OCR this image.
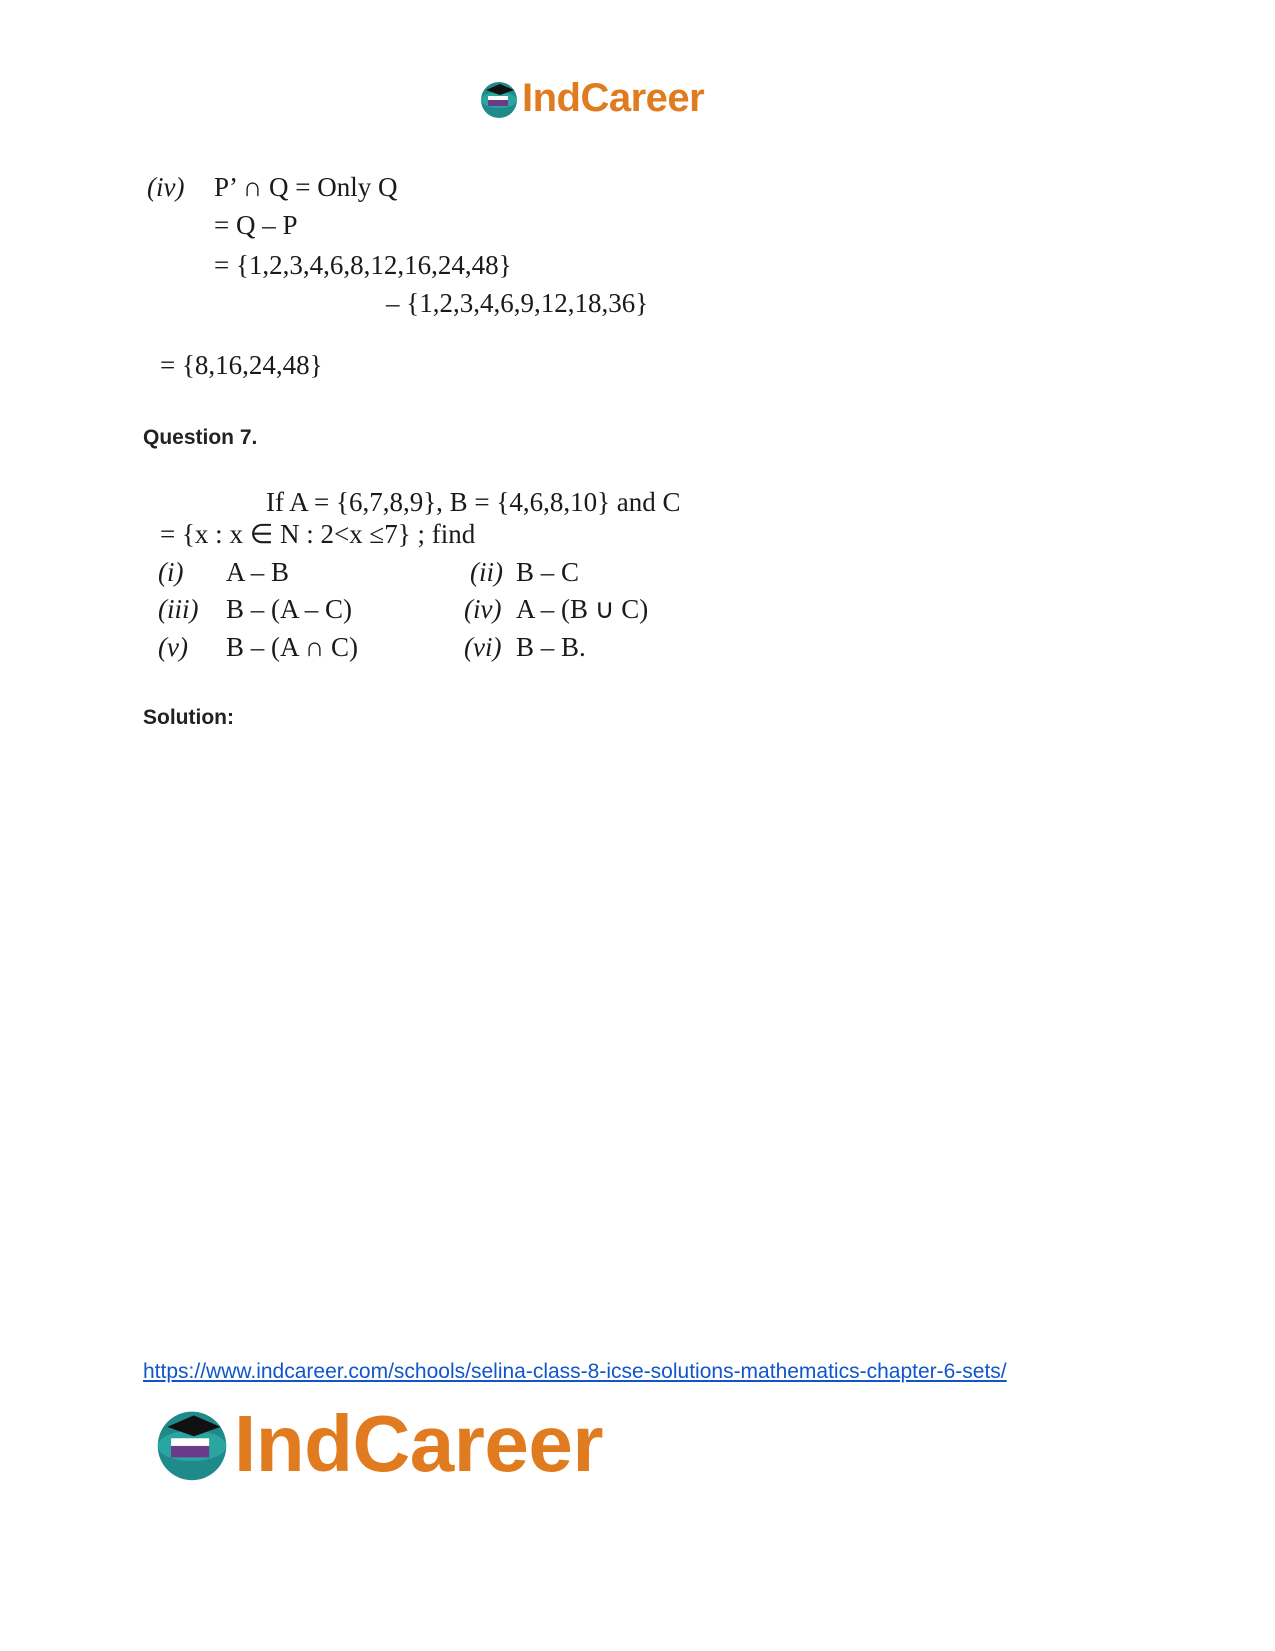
IndCareer
(iv) P’ ∩ Q = Only Q
= Q – P
= {1,2,3,4,6,8,12,16,24,48}
– {1,2,3,4,6,9,12,18,36}
= {8,16,24,48}
Question 7.
If A = {6,7,8,9}, B = {4,6,8,10} and C
= {x : x ∈ N : 2<x ≤7} ; find
(i) A – B	(ii) B – C
(iii) B – (A – C)	(iv) A – (B ∪ C)
(v) B – (A ∩ C)	(vi) B – B.
Solution:
https://www.indcareer.com/schools/selina-class-8-icse-solutions-mathematics-chapter-6-sets/
IndCareer
